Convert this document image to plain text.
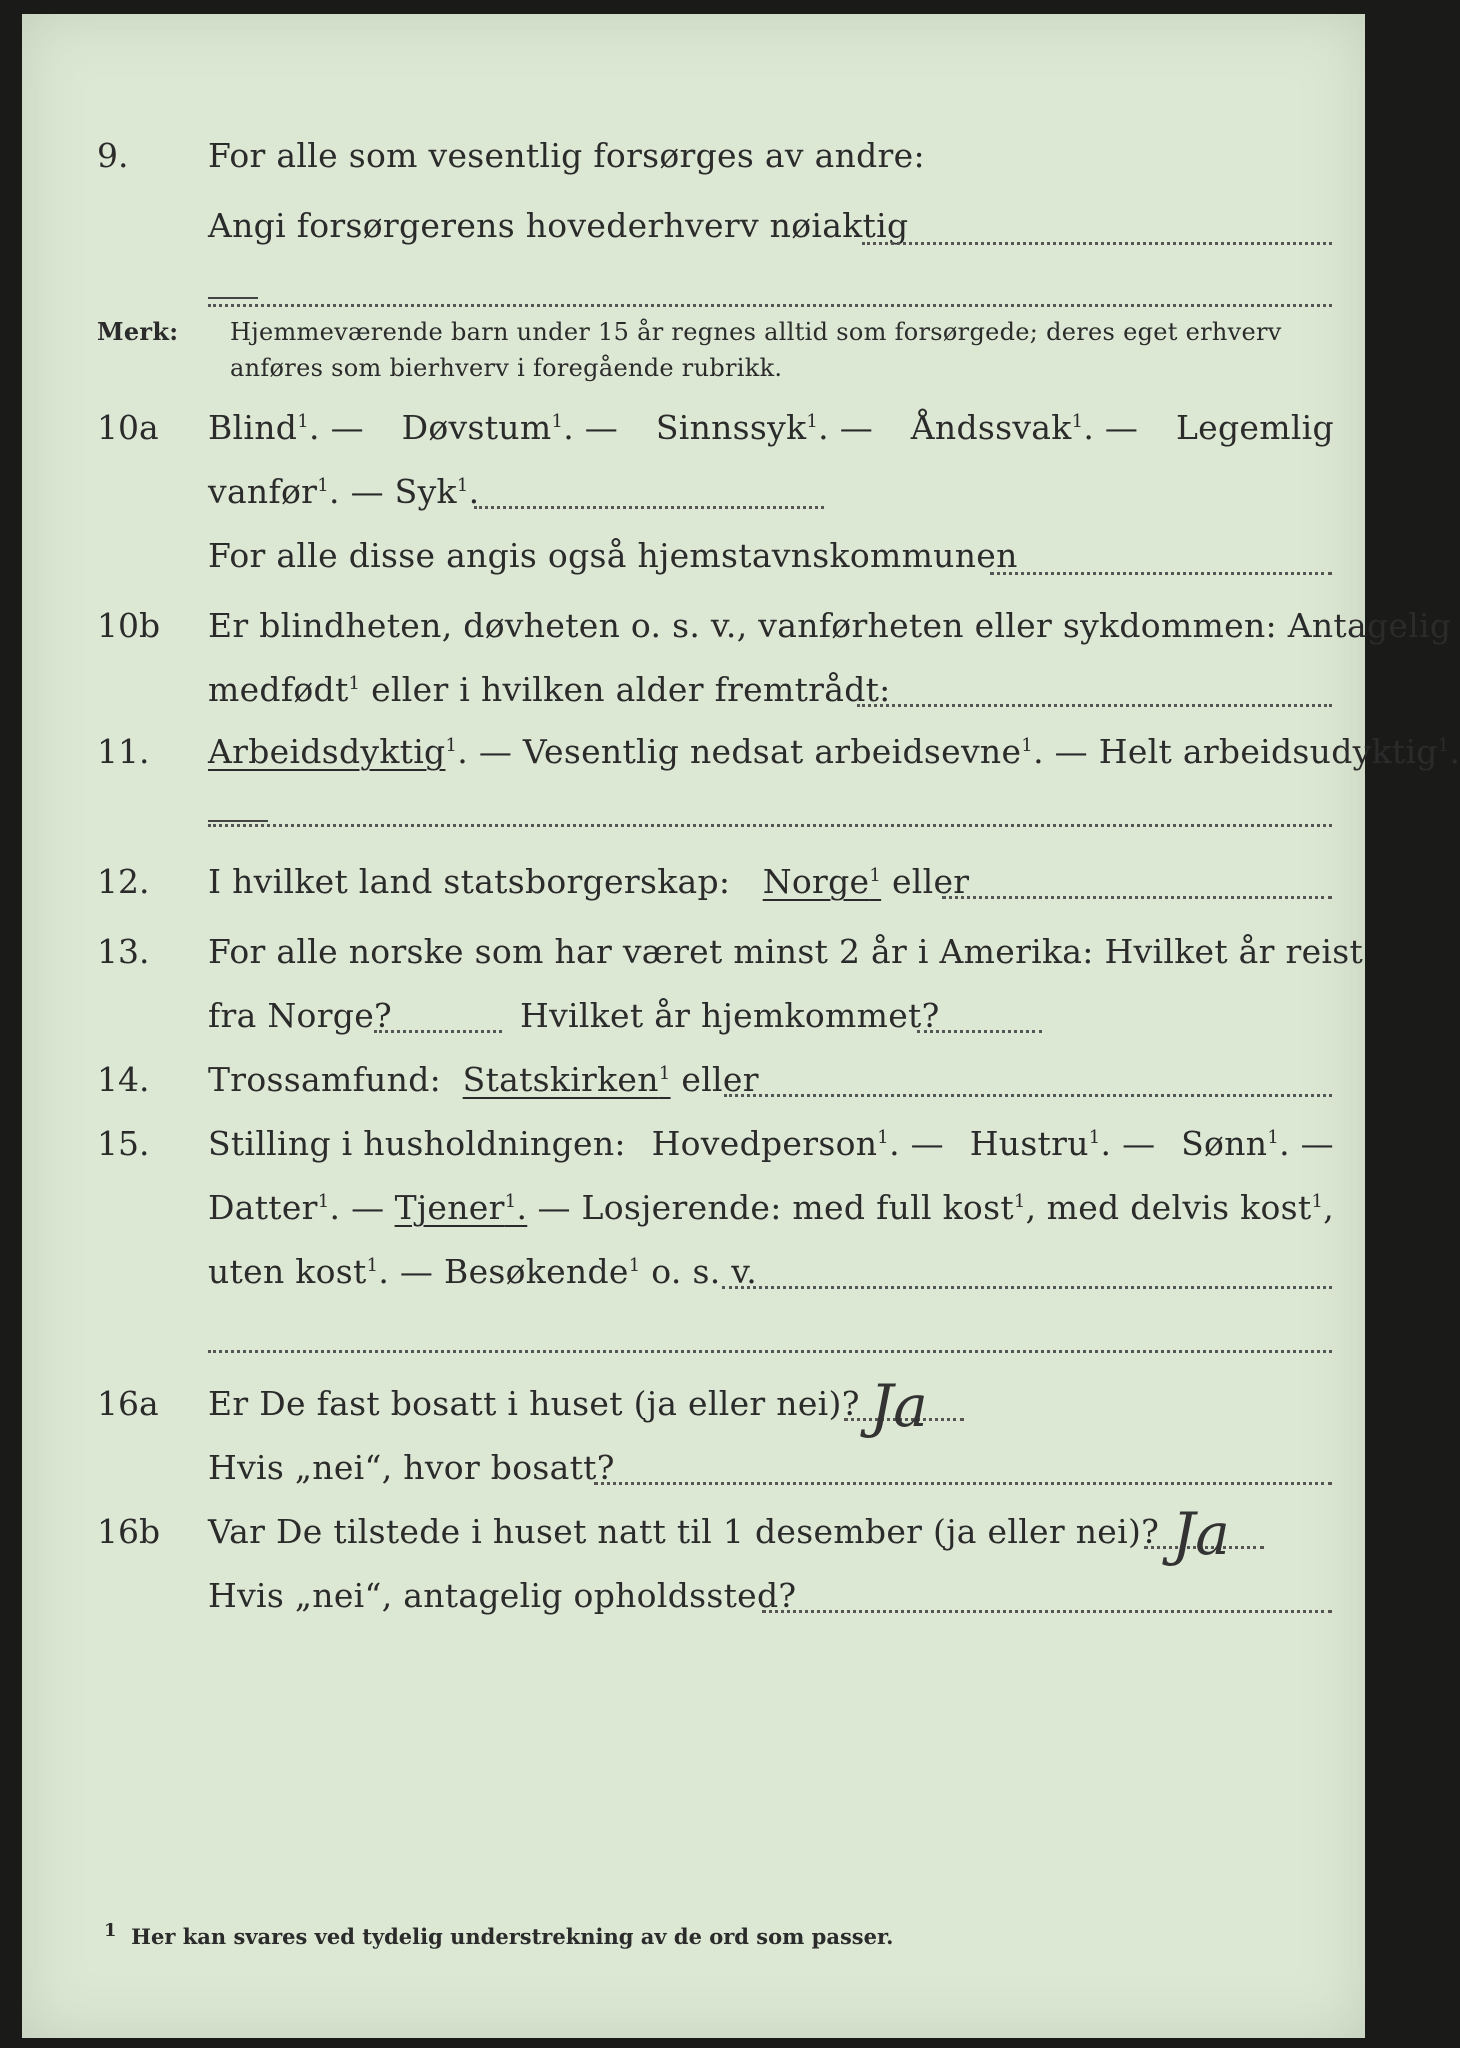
9. For alle som vesentlig forsørges av andre:
Angi forsørgerens hovederhverv nøiaktig
Merk: Hjemmeværende barn under 15 år regnes alltid som forsørgede; deres eget erhverv
anføres som bierhverv i foregående rubrikk.
10a Blind$^1$. — Døvstum$^1$. — Sinnssyk$^1$. — Åndssvak$^1$. — Legemlig
vanfør$^1$. — Syk$^1$.
For alle disse angis også hjemstavnskommunen
10b Er blindheten, døvheten o. s. v., vanførheten eller sykdommen: Antagelig
medfødt$^1$ eller i hvilken alder fremtrådt:
11. Arbeidsdyktig$^1$. — Vesentlig nedsat arbeidsevne$^1$. — Helt arbeidsudyktig$^1$.
12. I hvilket land statsborgerskap: Norge$^1$ eller
13. For alle norske som har været minst 2 år i Amerika: Hvilket år reist
fra Norge?	Hvilket år hjemkommet?
14. Trossamfund: Statskirken$^1$ eller
15. Stilling i husholdningen: Hovedperson$^1$. — Hustru$^1$. — Sønn$^1$. —
Datter$^1$. — Tjener$^1$. — Losjerende: med full kost$^1$, med delvis kost$^1$,
uten kost$^1$. — Besøkende$^1$ o. s. v.
16a Er De fast bosatt i huset (ja eller nei)? Ja
Hvis „nei“, hvor bosatt?
16b Var De tilstede i huset natt til 1 desember (ja eller nei)? Ja
Hvis „nei“, antagelig opholdssted?
$^1$ Her kan svares ved tydelig understrekning av de ord som passer.
